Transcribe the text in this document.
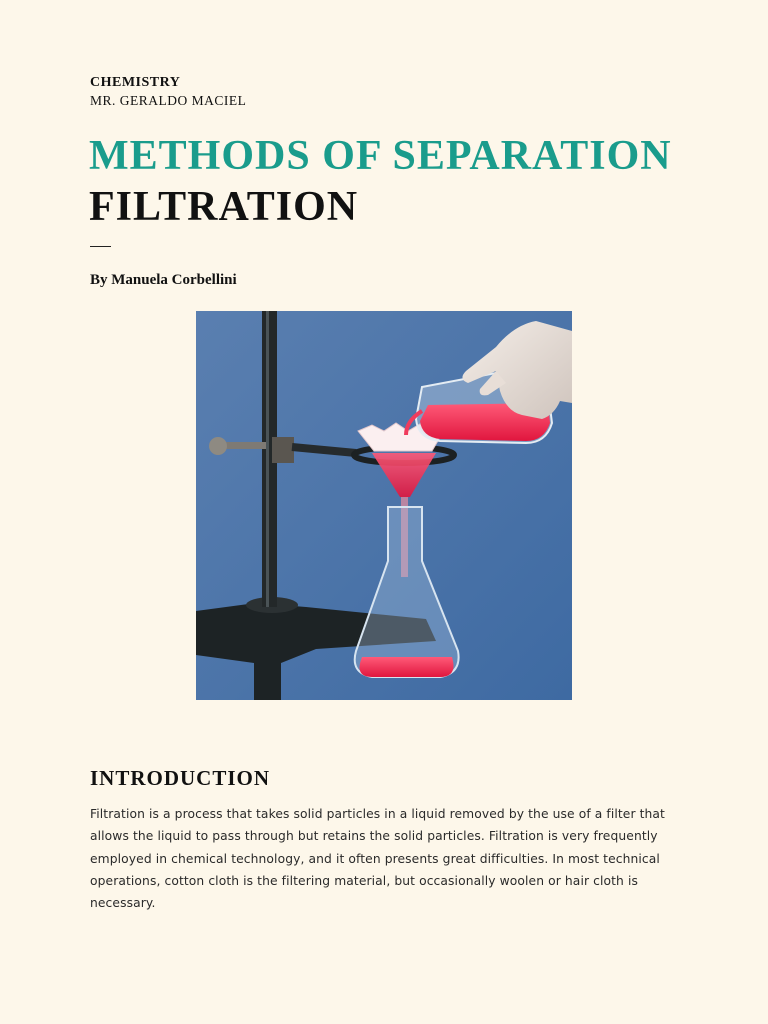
CHEMISTRY
MR. GERALDO MACIEL
METHODS OF SEPARATION
FILTRATION
By Manuela Corbellini
INTRODUCTION
Filtration is a process that takes solid particles in a liquid removed by the use of a filter that allows the liquid to pass through but retains the solid particles. Filtration is very frequently employed in chemical technology, and it often presents great difficulties. In most technical operations, cotton cloth is the filtering material, but occasionally woolen or hair cloth is necessary.
